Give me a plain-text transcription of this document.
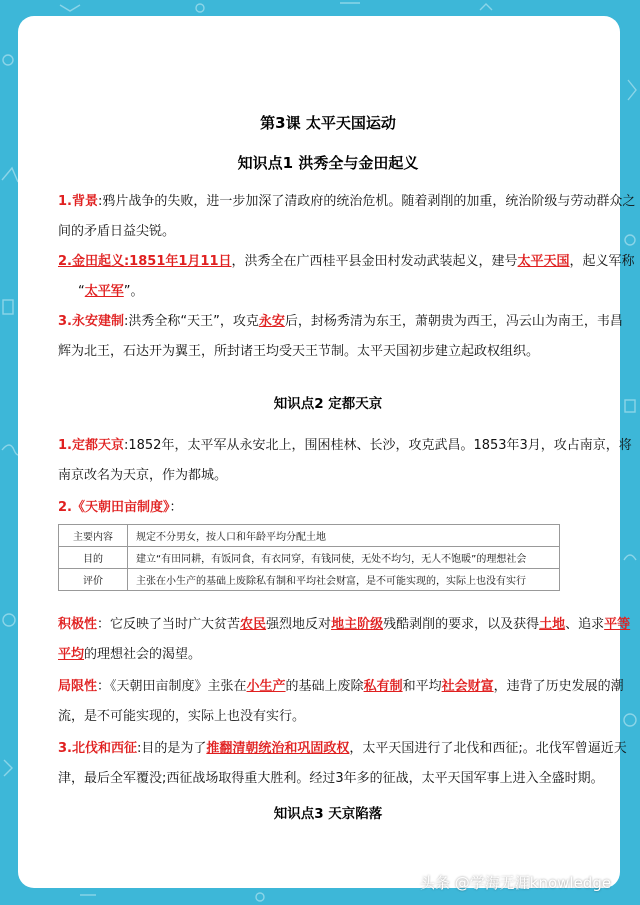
第3课 太平天国运动
知识点1 洪秀全与金田起义
1.背景:鸦片战争的失败，进一步加深了清政府的统治危机。随着剥削的加重，统治阶级与劳动群众之
间的矛盾日益尖锐。
2.金田起义:1851年1月11日，洪秀全在广西桂平县金田村发动武装起义，建号太平天国，起义军称
“太平军”。
3.永安建制:洪秀全称“天王”，攻克永安后，封杨秀清为东王，萧朝贵为西王，冯云山为南王，韦昌
辉为北王，石达开为翼王，所封诸王均受天王节制。太平天国初步建立起政权组织。
知识点2 定都天京
1.定都天京:1852年，太平军从永安北上，围困桂林、长沙，攻克武昌。1853年3月，攻占南京，将
南京改名为天京，作为都城。
2.《天朝田亩制度》：
主要内容	规定不分男女，按人口和年龄平均分配土地
目的	建立“有田同耕，有饭同食，有衣同穿，有钱同使，无处不均匀，无人不饱暖”的理想社会
评价	主张在小生产的基础上废除私有制和平均社会财富，是不可能实现的，实际上也没有实行
积极性：它反映了当时广大贫苦农民强烈地反对地主阶级残酷剥削的要求，以及获得土地、追求平等
平均的理想社会的渴望。
局限性：《天朝田亩制度》主张在小生产的基础上废除私有制和平均社会财富，违背了历史发展的潮
流，是不可能实现的，实际上也没有实行。
3.北伐和西征:目的是为了推翻清朝统治和巩固政权，太平天国进行了北伐和西征;。北伐军曾逼近天
津，最后全军覆没;西征战场取得重大胜利。经过3年多的征战，太平天国军事上进入全盛时期。
知识点3 天京陷落
头条 @学海无涯knowledge
